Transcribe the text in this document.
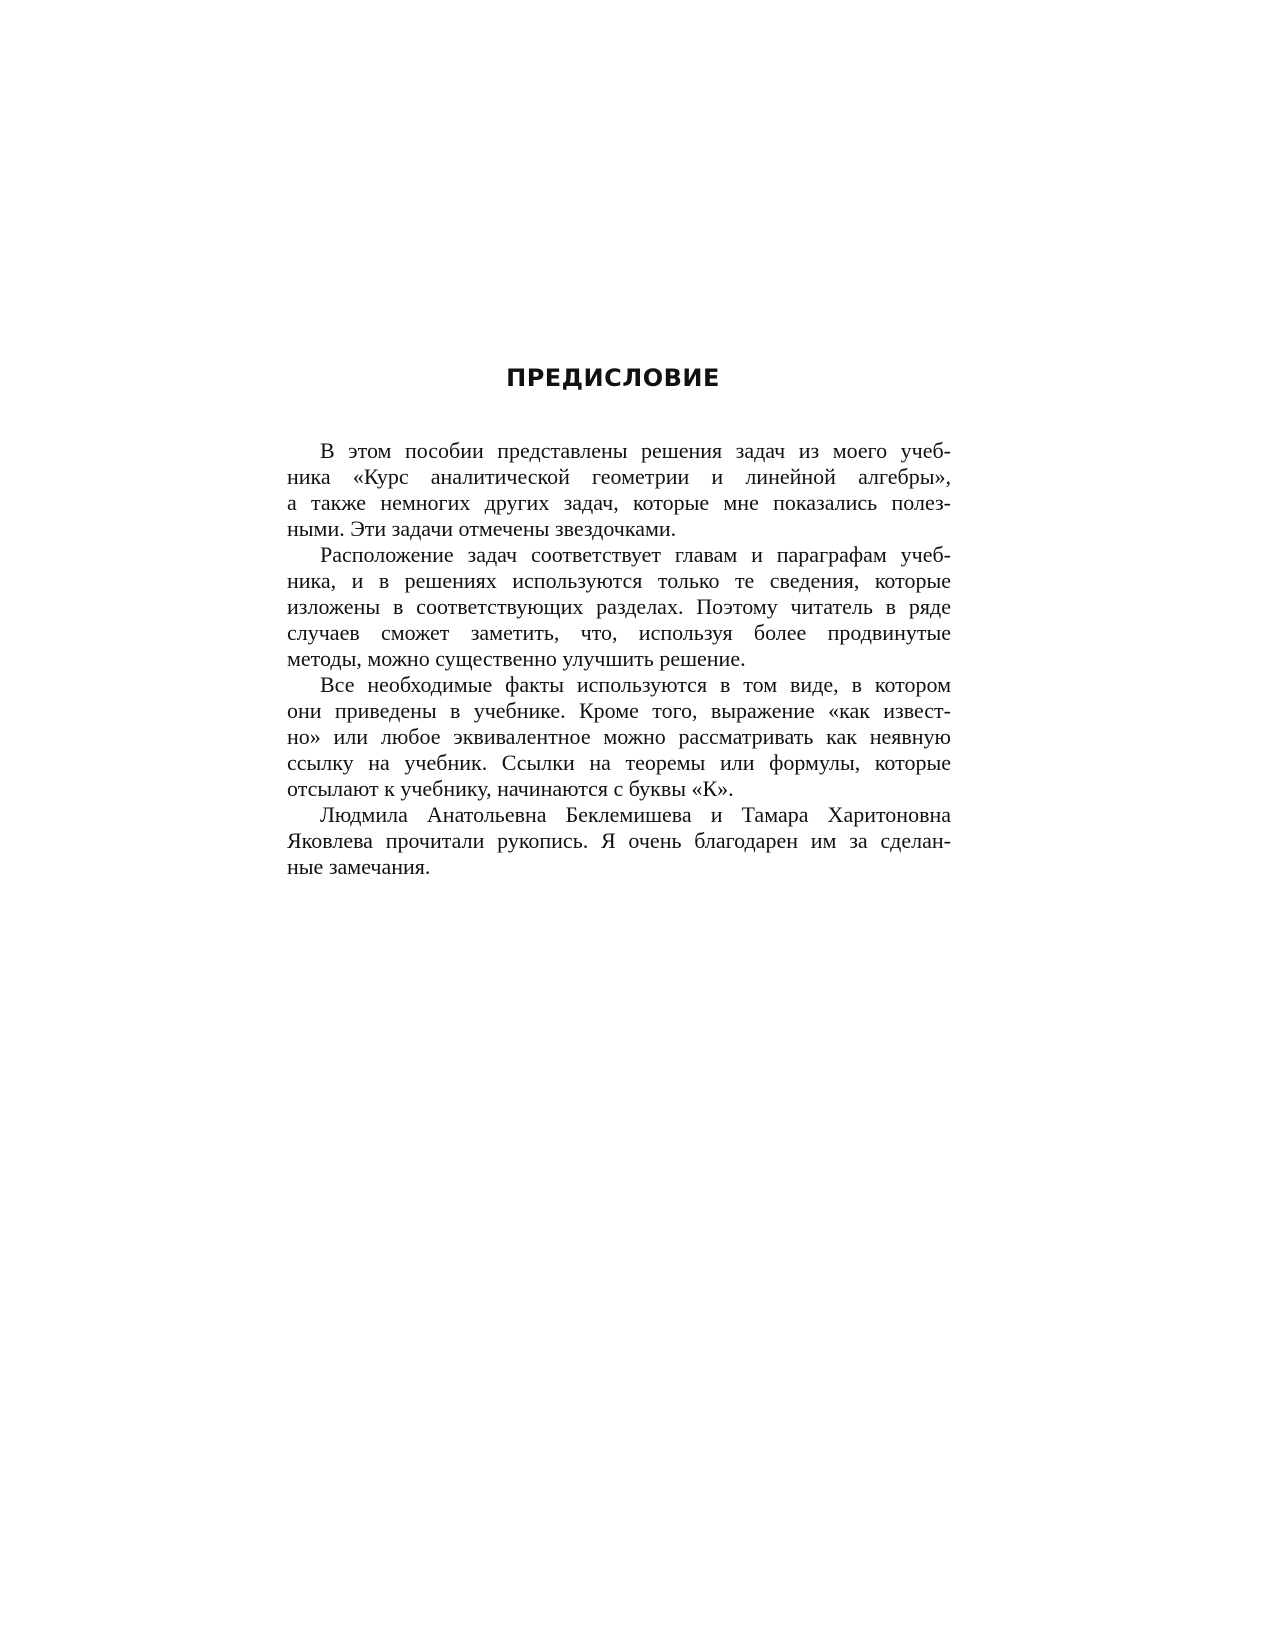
ПРЕДИСЛОВИЕ
В этом пособии представлены решения задач из моего учеб-
ника «Курс аналитической геометрии и линейной алгебры»,
а также немногих других задач, которые мне показались полез-
ными. Эти задачи отмечены звездочками.
Расположение задач соответствует главам и параграфам учеб-
ника, и в решениях используются только те сведения, которые
изложены в соответствующих разделах. Поэтому читатель в ряде
случаев сможет заметить, что, используя более продвинутые
методы, можно существенно улучшить решение.
Все необходимые факты используются в том виде, в котором
они приведены в учебнике. Кроме того, выражение «как извест-
но» или любое эквивалентное можно рассматривать как неявную
ссылку на учебник. Ссылки на теоремы или формулы, которые
отсылают к учебнику, начинаются с буквы «К».
Людмила Анатольевна Беклемишева и Тамара Харитоновна
Яковлева прочитали рукопись. Я очень благодарен им за сделан-
ные замечания.
